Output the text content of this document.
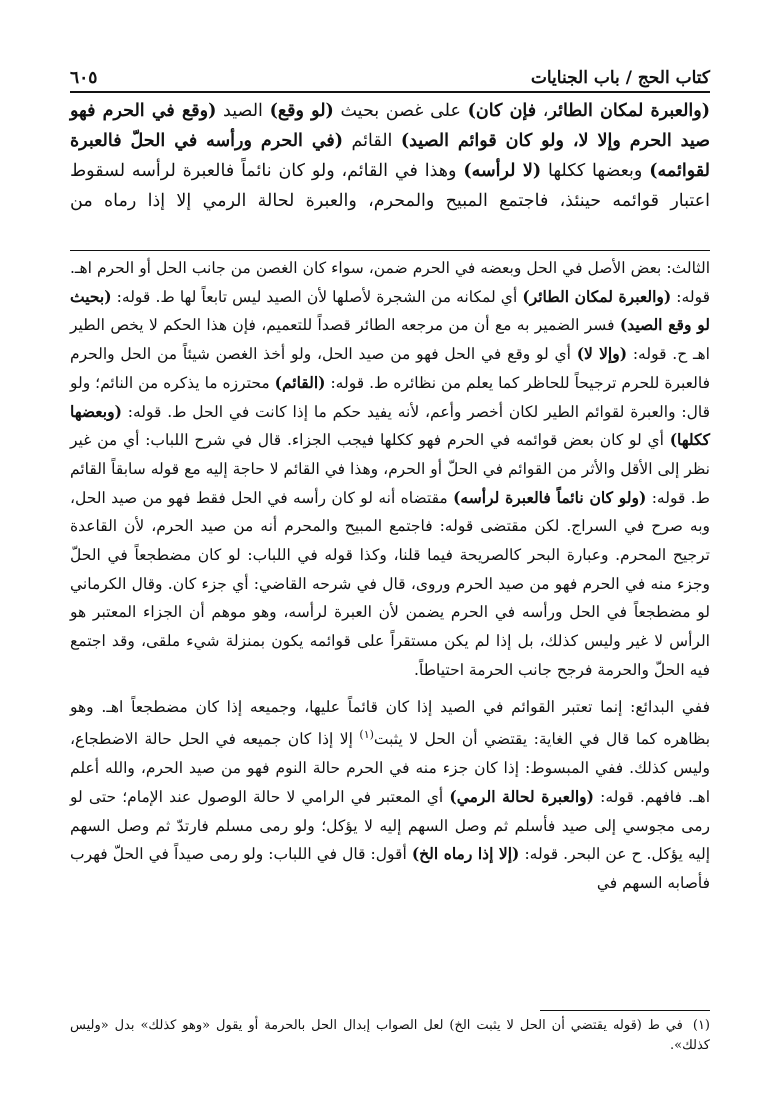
كتاب الحج / باب الجنايات
٦٠٥
(والعبرة لمكان الطائر، فإن كان) على غصن بحيث (لو وقع) الصيد (وقع في الحرم فهو صيد الحرم وإلا لا، ولو كان قوائم الصيد) القائم (في الحرم ورأسه في الحلّ فالعبرة لقوائمه) وبعضها ككلها (لا لرأسه) وهذا في القائم، ولو كان نائماً فالعبرة لرأسه لسقوط اعتبار قوائمه حينئذ، فاجتمع المبيح والمحرم، والعبرة لحالة الرمي إلا إذا رماه من

الثالث: بعض الأصل في الحل وبعضه في الحرم ضمن، سواء كان الغصن من جانب الحل أو الحرم اهـ. قوله: (والعبرة لمكان الطائر) أي لمكانه من الشجرة لأصلها لأن الصيد ليس تابعاً لها ط. قوله: (بحيث لو وقع الصيد) فسر الضمير به مع أن من مرجعه الطائر قصداً للتعميم، فإن هذا الحكم لا يخص الطير اهـ ح. قوله: (وإلا لا) أي لو وقع في الحل فهو من صيد الحل، ولو أخذ الغصن شيئاً من الحل والحرم فالعبرة للحرم ترجيحاً للحاظر كما يعلم من نظائره ط. قوله: (القائم) محترزه ما يذكره من النائم؛ ولو قال: والعبرة لقوائم الطير لكان أخصر وأعم، لأنه يفيد حكم ما إذا كانت في الحل ط. قوله: (وبعضها ككلها) أي لو كان بعض قوائمه في الحرم فهو ككلها فيجب الجزاء. قال في شرح اللباب: أي من غير نظر إلى الأقل والأثر من القوائم في الحلّ أو الحرم، وهذا في القائم لا حاجة إليه مع قوله سابقاً القائم ط. قوله: (ولو كان نائماً فالعبرة لرأسه) مقتضاه أنه لو كان رأسه في الحل فقط فهو من صيد الحل، وبه صرح في السراج. لكن مقتضى قوله: فاجتمع المبيح والمحرم أنه من صيد الحرم، لأن القاعدة ترجيح المحرم. وعبارة البحر كالصريحة فيما قلنا، وكذا قوله في اللباب: لو كان مضطجعاً في الحلّ وجزء منه في الحرم فهو من صيد الحرم وروى، قال في شرحه القاضي: أي جزء كان. وقال الكرماني لو مضطجعاً في الحل ورأسه في الحرم يضمن لأن العبرة لرأسه، وهو موهم أن الجزاء المعتبر هو الرأس لا غير وليس كذلك، بل إذا لم يكن مستقراً على قوائمه يكون بمنزلة شيء ملقى، وقد اجتمع فيه الحلّ والحرمة فرجح جانب الحرمة احتياطاً.

ففي البدائع: إنما تعتبر القوائم في الصيد إذا كان قائماً عليها، وجميعه إذا كان مضطجعاً اهـ. وهو بظاهره كما قال في الغاية: يقتضي أن الحل لا يثبت$^{(١)}$ إلا إذا كان جميعه في الحل حالة الاضطجاع، وليس كذلك. ففي المبسوط: إذا كان جزء منه في الحرم حالة النوم فهو من صيد الحرم، والله أعلم اهـ. فافهم. قوله: (والعبرة لحالة الرمي) أي المعتبر في الرامي لا حالة الوصول عند الإمام؛ حتى لو رمى مجوسي إلى صيد فأسلم ثم وصل السهم إليه لا يؤكل؛ ولو رمى مسلم فارتدّ ثم وصل السهم إليه يؤكل. ح عن البحر. قوله: (إلا إذا رماه الخ) أقول: قال في اللباب: ولو رمى صيداً في الحلّ فهرب فأصابه السهم في

(١)في ط (قوله يقتضي أن الحل لا يثبت الخ) لعل الصواب إبدال الحل بالحرمة أو يقول «وهو كذلك» بدل «وليس كذلك».
